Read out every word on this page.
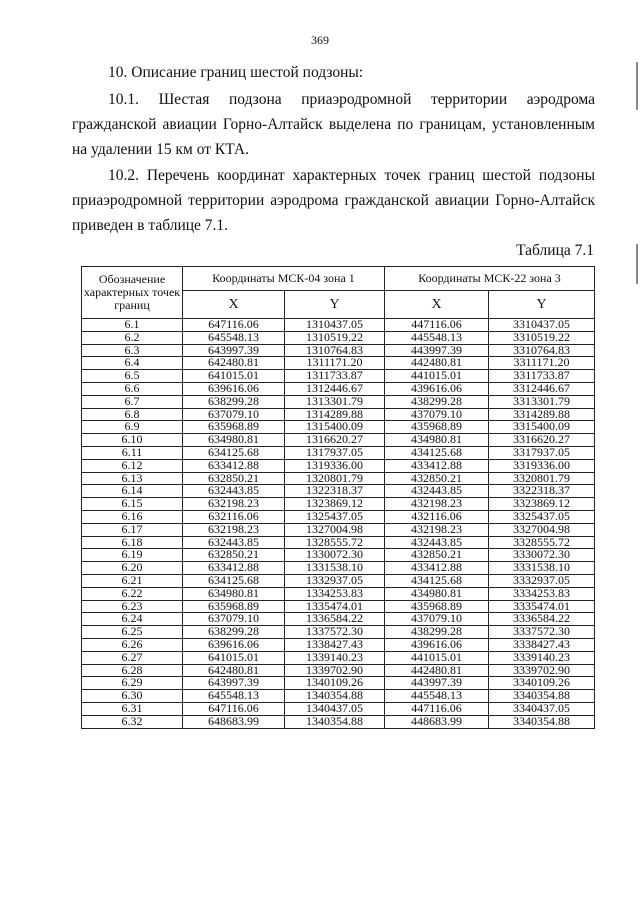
369
10. Описание границ шестой подзоны:
10.1. Шестая подзона приаэродромной территории аэродрома гражданской авиации Горно-Алтайск выделена по границам, установленным на удалении 15 км от КТА.
10.2. Перечень координат характерных точек границ шестой подзоны приаэродромной территории аэродрома гражданской авиации Горно-Алтайск приведен в таблице 7.1.
Таблица 7.1
Обозначение характерных точек границ	Координаты МСК-04 зона 1		Координаты МСК-22 зона 3	
	X	Y	X	Y
6.1	647116.06	1310437.05	447116.06	3310437.05
6.2	645548.13	1310519.22	445548.13	3310519.22
6.3	643997.39	1310764.83	443997.39	3310764.83
6.4	642480.81	1311171.20	442480.81	3311171.20
6.5	641015.01	1311733.87	441015.01	3311733.87
6.6	639616.06	1312446.67	439616.06	3312446.67
6.7	638299.28	1313301.79	438299.28	3313301.79
6.8	637079.10	1314289.88	437079.10	3314289.88
6.9	635968.89	1315400.09	435968.89	3315400.09
6.10	634980.81	1316620.27	434980.81	3316620.27
6.11	634125.68	1317937.05	434125.68	3317937.05
6.12	633412.88	1319336.00	433412.88	3319336.00
6.13	632850.21	1320801.79	432850.21	3320801.79
6.14	632443.85	1322318.37	432443.85	3322318.37
6.15	632198.23	1323869.12	432198.23	3323869.12
6.16	632116.06	1325437.05	432116.06	3325437.05
6.17	632198.23	1327004.98	432198.23	3327004.98
6.18	632443.85	1328555.72	432443.85	3328555.72
6.19	632850.21	1330072.30	432850.21	3330072.30
6.20	633412.88	1331538.10	433412.88	3331538.10
6.21	634125.68	1332937.05	434125.68	3332937.05
6.22	634980.81	1334253.83	434980.81	3334253.83
6.23	635968.89	1335474.01	435968.89	3335474.01
6.24	637079.10	1336584.22	437079.10	3336584.22
6.25	638299.28	1337572.30	438299.28	3337572.30
6.26	639616.06	1338427.43	439616.06	3338427.43
6.27	641015.01	1339140.23	441015.01	3339140.23
6.28	642480.81	1339702.90	442480.81	3339702.90
6.29	643997.39	1340109.26	443997.39	3340109.26
6.30	645548.13	1340354.88	445548.13	3340354.88
6.31	647116.06	1340437.05	447116.06	3340437.05
6.32	648683.99	1340354.88	448683.99	3340354.88
